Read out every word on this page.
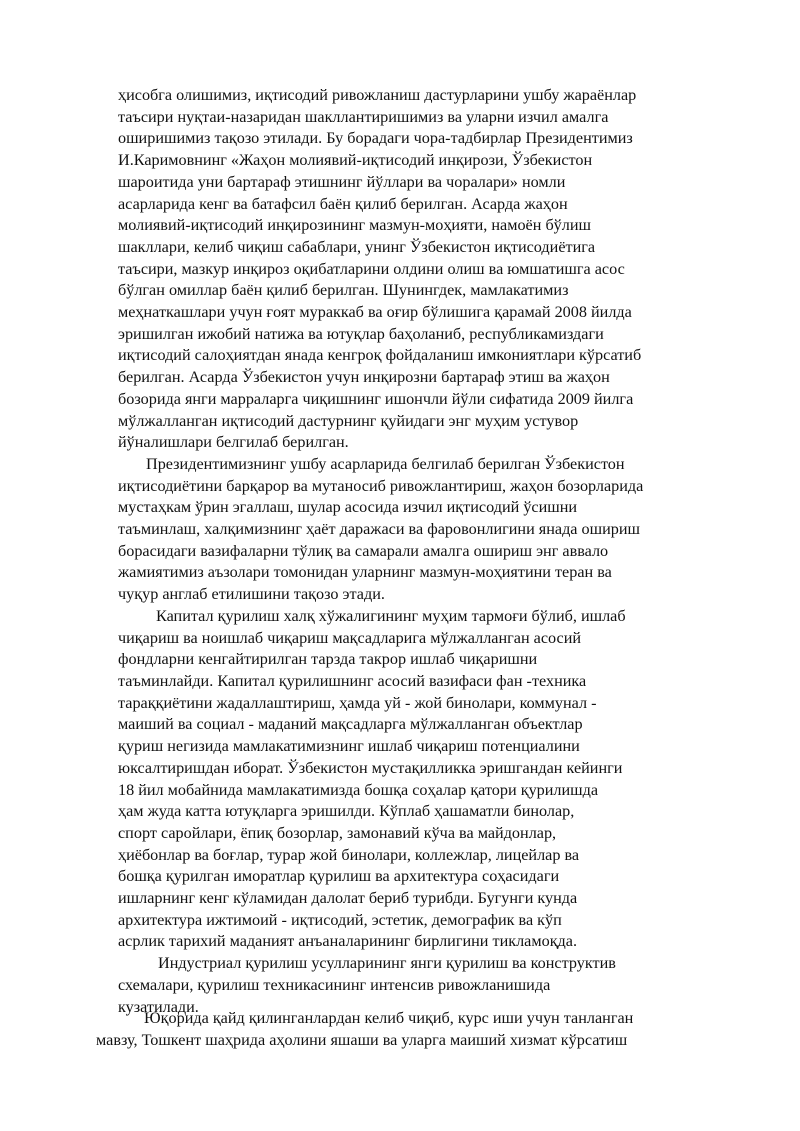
ҳисобга олишимиз, иқтисодий ривожланиш дастурларини ушбу жараёнлар
таъсири нуқтаи-назаридан шакллантиришимиз ва уларни изчил амалга
оширишимиз тақозо этилади. Бу борадаги чора-тадбирлар Президентимиз
И.Каримовнинг «Жаҳон молиявий-иқтисодий инқирози, Ўзбекистон
шароитида уни бартараф этишнинг йўллари ва чоралари» номли
асарларида кенг ва батафсил баён қилиб берилган. Асарда жаҳон
молиявий-иқтисодий инқирозининг мазмун-моҳияти, намоён бўлиш
шакллари, келиб чиқиш сабаблари, унинг Ўзбекистон иқтисодиётига
таъсири, мазкур инқироз оқибатларини олдини олиш ва юмшатишга асос
бўлган омиллар баён қилиб берилган. Шунингдек, мамлакатимиз
меҳнаткашлари учун ғоят мураккаб ва оғир бўлишига қарамай 2008 йилда
эришилган ижобий натижа ва ютуқлар баҳоланиб, республикамиздаги
иқтисодий салоҳиятдан янада кенгроқ фойдаланиш имкониятлари кўрсатиб
берилган. Асарда Ўзбекистон учун инқирозни бартараф этиш ва жаҳон
бозорида янги марраларга чиқишнинг ишончли йўли сифатида 2009 йилга
мўлжалланган иқтисодий дастурнинг қуйидаги энг муҳим устувор
йўналишлари белгилаб берилган.

Президентимизнинг ушбу асарларида белгилаб берилган Ўзбекистон
иқтисодиётини барқарор ва мутаносиб ривожлантириш, жаҳон бозорларида
мустаҳкам ўрин эгаллаш, шулар асосида изчил иқтисодий ўсишни
таъминлаш, халқимизнинг ҳаёт даражаси ва фаровонлигини янада ошириш
борасидаги вазифаларни тўлиқ ва самарали амалга ошириш энг аввало
жамиятимиз аъзолари томонидан уларнинг мазмун-моҳиятини теран ва
чуқур англаб етилишини тақозо этади.

Капитал қурилиш халқ хўжалигининг муҳим тармоғи бўлиб, ишлаб
чиқариш ва ноишлаб чиқариш мақсадларига мўлжалланган асосий
фондларни кенгайтирилган тарзда такрор ишлаб чиқаришни
таъминлайди. Капитал қурилишнинг асосий вазифаси фан -техника
тараққиётини жадаллаштириш, ҳамда уй - жой бинолари, коммунал -
маиший ва социал - маданий мақсадларга мўлжалланган объектлар
қуриш негизида мамлакатимизнинг ишлаб чиқариш потенциалини
юксалтиришдан иборат. Ўзбекистон мустақилликка эришгандан кейинги
18 йил мобайнида мамлакатимизда бошқа соҳалар қатори қурилишда
ҳам жуда катта ютуқларга эришилди. Кўплаб ҳашаматли бинолар,
спорт саройлари, ёпиқ бозорлар, замонавий кўча ва майдонлар,
ҳиёбонлар ва боғлар, турар жой бинолари, коллежлар, лицейлар ва
бошқа қурилган иморатлар қурилиш ва архитектура соҳасидаги
ишларнинг кенг кўламидан далолат бериб турибди. Бугунги кунда
архитектура ижтимоий - иқтисодий, эстетик, демографик ва кўп
асрлик тарихий маданият анъаналарининг бирлигини тикламоқда.

Индустриал қурилиш усулларининг янги қурилиш ва конструктив
схемалари, қурилиш техникасининг интенсив ривожланишида
кузатилади.

Юқорида қайд қилинганлардан келиб чиқиб, курс иши учун танланган
мавзу, Тошкент шаҳрида аҳолини яшаши ва уларга маиший хизмат кўрсатиш
